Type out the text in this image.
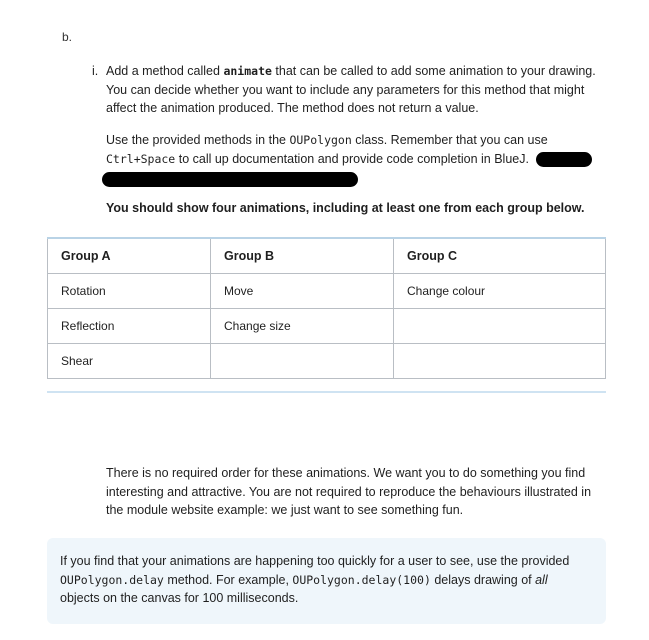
b.

i. Add a method called animate that can be called to add some animation to your drawing.

You can decide whether you want to include any parameters for this method that might

affect the animation produced. The method does not return a value.

Use the provided methods in the OUPolygon class. Remember that you can use

Ctrl+Space to call up documentation and provide code completion in BlueJ.

You should show four animations, including at least one from each group below.
Group A	Group B	Group C
Rotation	Move	Change colour
Reflection	Change size	
Shear		

There is no required order for these animations. We want you to do something you find

interesting and attractive. You are not required to reproduce the behaviours illustrated in

the module website example: we just want to see something fun.

If you find that your animations are happening too quickly for a user to see, use the provided

OUPolygon.delay method. For example, OUPolygon.delay(100) delays drawing of all

objects on the canvas for 100 milliseconds.
